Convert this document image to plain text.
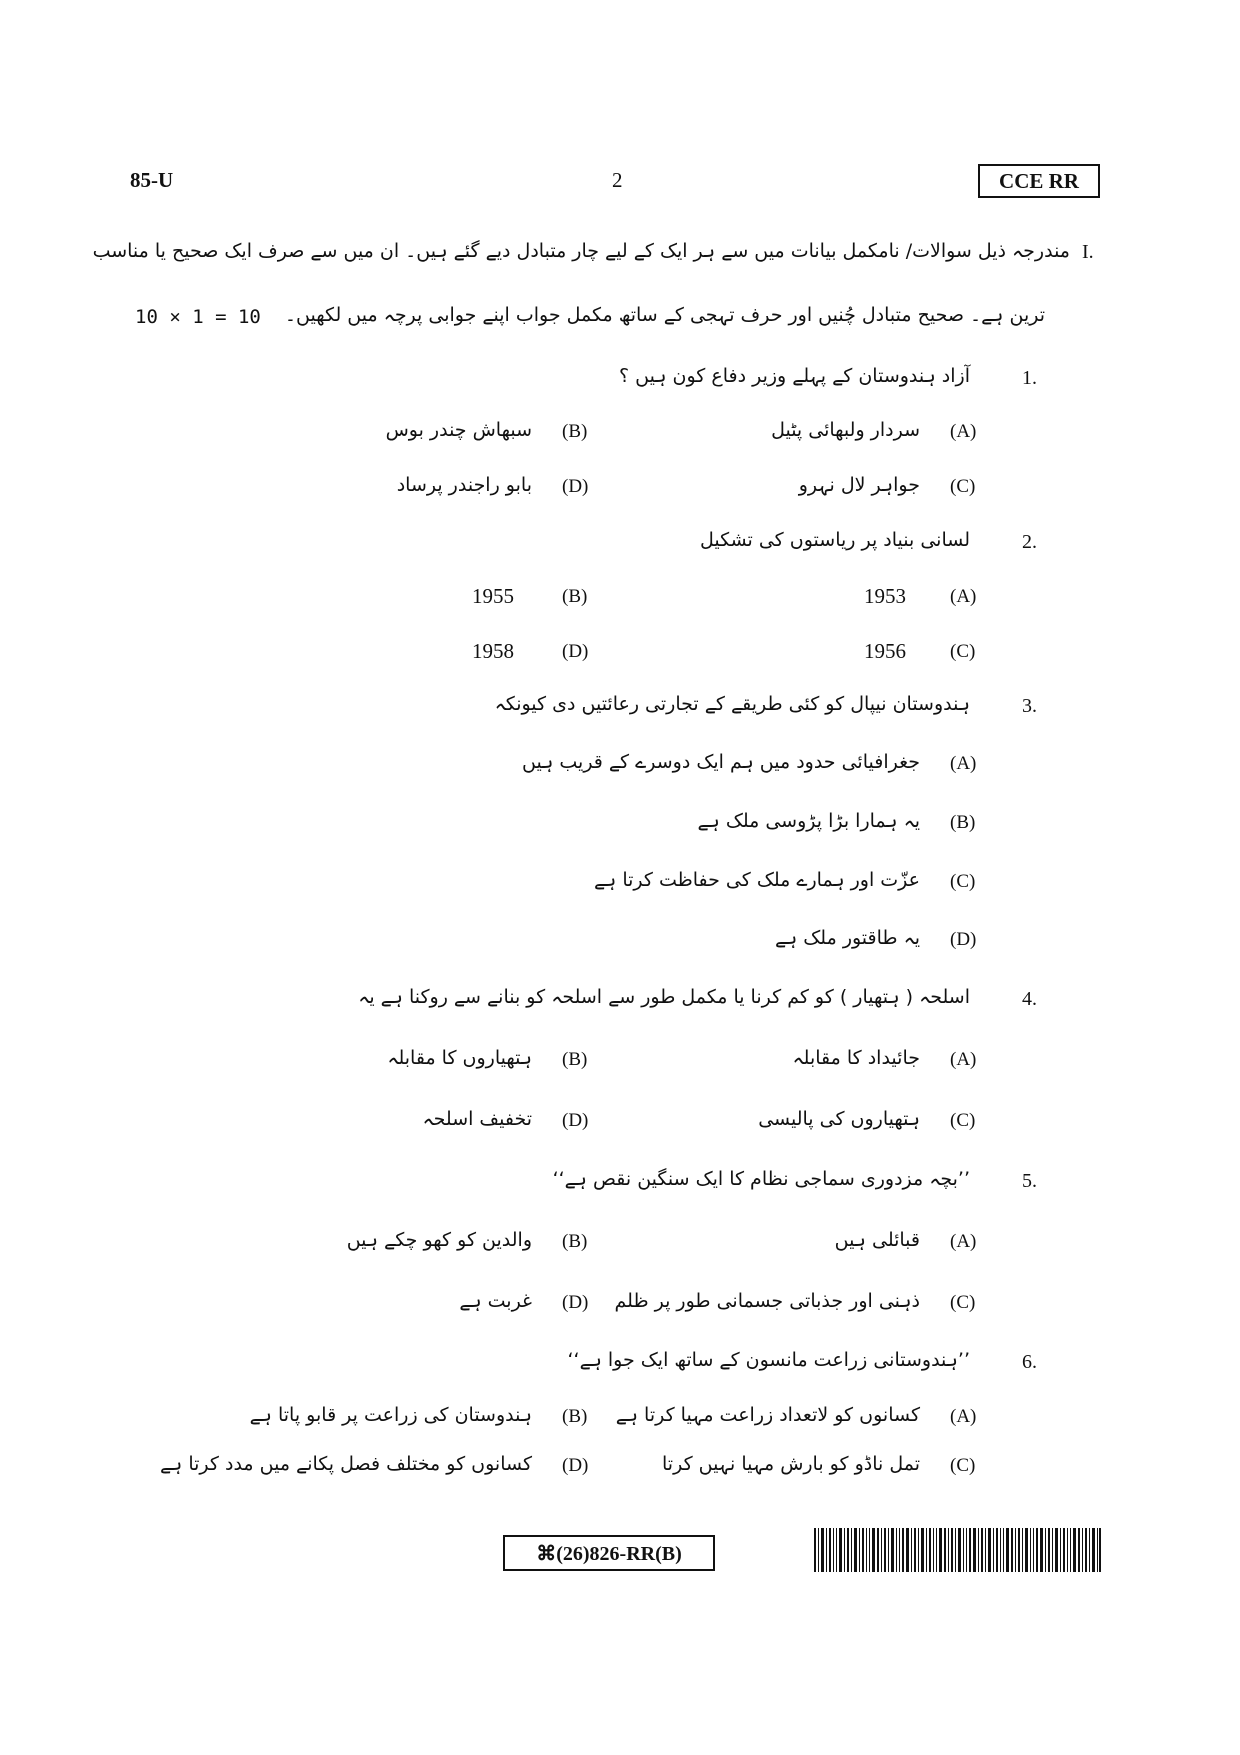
85-U	2	CCE RR
I.
مندرجہ ذیل سوالات/ نامکمل بیانات میں سے ہر ایک کے لیے چار متبادل دیے گئے ہیں۔ ان میں سے صرف ایک صحیح یا مناسب
ترین ہے۔ صحیح متبادل چُنیں اور حرف تہجی کے ساتھ مکمل جواب اپنے جوابی پرچہ میں لکھیں۔
10 × 1 = 10
1.
آزاد ہندوستان کے پہلے وزیر دفاع کون ہیں ؟
(A)
سردار ولبھائی پٹیل
(B)
سبھاش چندر بوس
(C)
جواہر لال نہرو
(D)
بابو راجندر پرساد
2.
لسانی بنیاد پر ریاستوں کی تشکیل
(A)
1953
(B)
1955
(C)
1956
(D)
1958
3.
ہندوستان نیپال کو کئی طریقے کے تجارتی رعائتیں دی کیونکہ
(A)
جغرافیائی حدود میں ہم ایک دوسرے کے قریب ہیں
(B)
یہ ہمارا بڑا پڑوسی ملک ہے
(C)
عزّت اور ہمارے ملک کی حفاظت کرتا ہے
(D)
یہ طاقتور ملک ہے
4.
اسلحہ ( ہتھیار ) کو کم کرنا یا مکمل طور سے اسلحہ کو بنانے سے روکنا ہے یہ
(A)
جائیداد کا مقابلہ
(B)
ہتھیاروں کا مقابلہ
(C)
ہتھیاروں کی پالیسی
(D)
تخفیف اسلحہ
5.
’’بچہ مزدوری سماجی نظام کا ایک سنگین نقص ہے‘‘
(A)
قبائلی ہیں
(B)
والدین کو کھو چکے ہیں
(C)
ذہنی اور جذباتی جسمانی طور پر ظلم
(D)
غربت ہے
6.
’’ہندوستانی زراعت مانسون کے ساتھ ایک جوا ہے‘‘
(A)
کسانوں کو لاتعداد زراعت مہیا کرتا ہے
(B)
ہندوستان کی زراعت پر قابو پاتا ہے
(C)
تمل ناڈو کو بارش مہیا نہیں کرتا
(D)
کسانوں کو مختلف فصل پکانے میں مدد کرتا ہے
⌘(26)826-RR(B)
